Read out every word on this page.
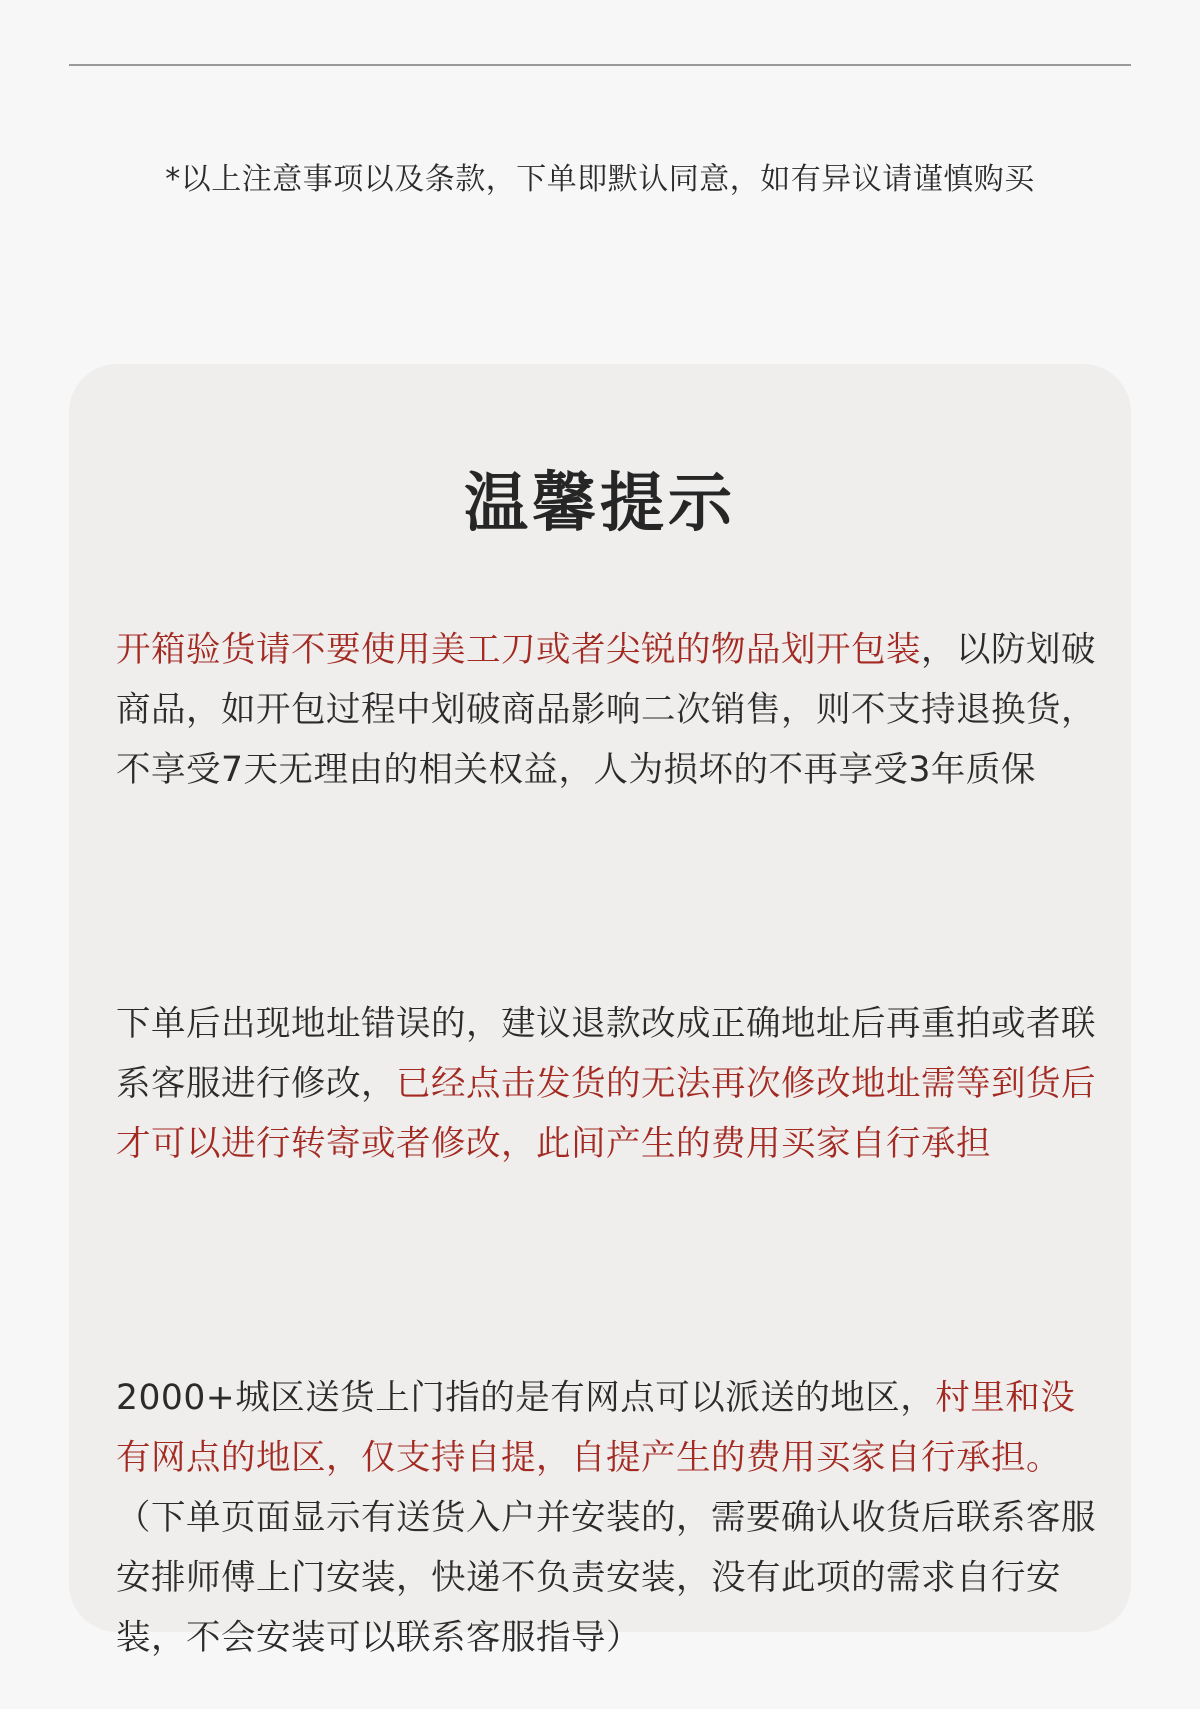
*以上注意事项以及条款，下单即默认同意，如有异议请谨慎购买
温馨提示
开箱验货请不要使用美工刀或者尖锐的物品划开包装，以防划破商品，如开包过程中划破商品影响二次销售，则不支持退换货，不享受7天无理由的相关权益，人为损坏的不再享受3年质保
下单后出现地址错误的，建议退款改成正确地址后再重拍或者联系客服进行修改，已经点击发货的无法再次修改地址需等到货后才可以进行转寄或者修改，此间产生的费用买家自行承担
2000+城区送货上门指的是有网点可以派送的地区，村里和没有网点的地区，仅支持自提，自提产生的费用买家自行承担。（下单页面显示有送货入户并安装的，需要确认收货后联系客服安排师傅上门安装，快递不负责安装，没有此项的需求自行安装，不会安装可以联系客服指导）
